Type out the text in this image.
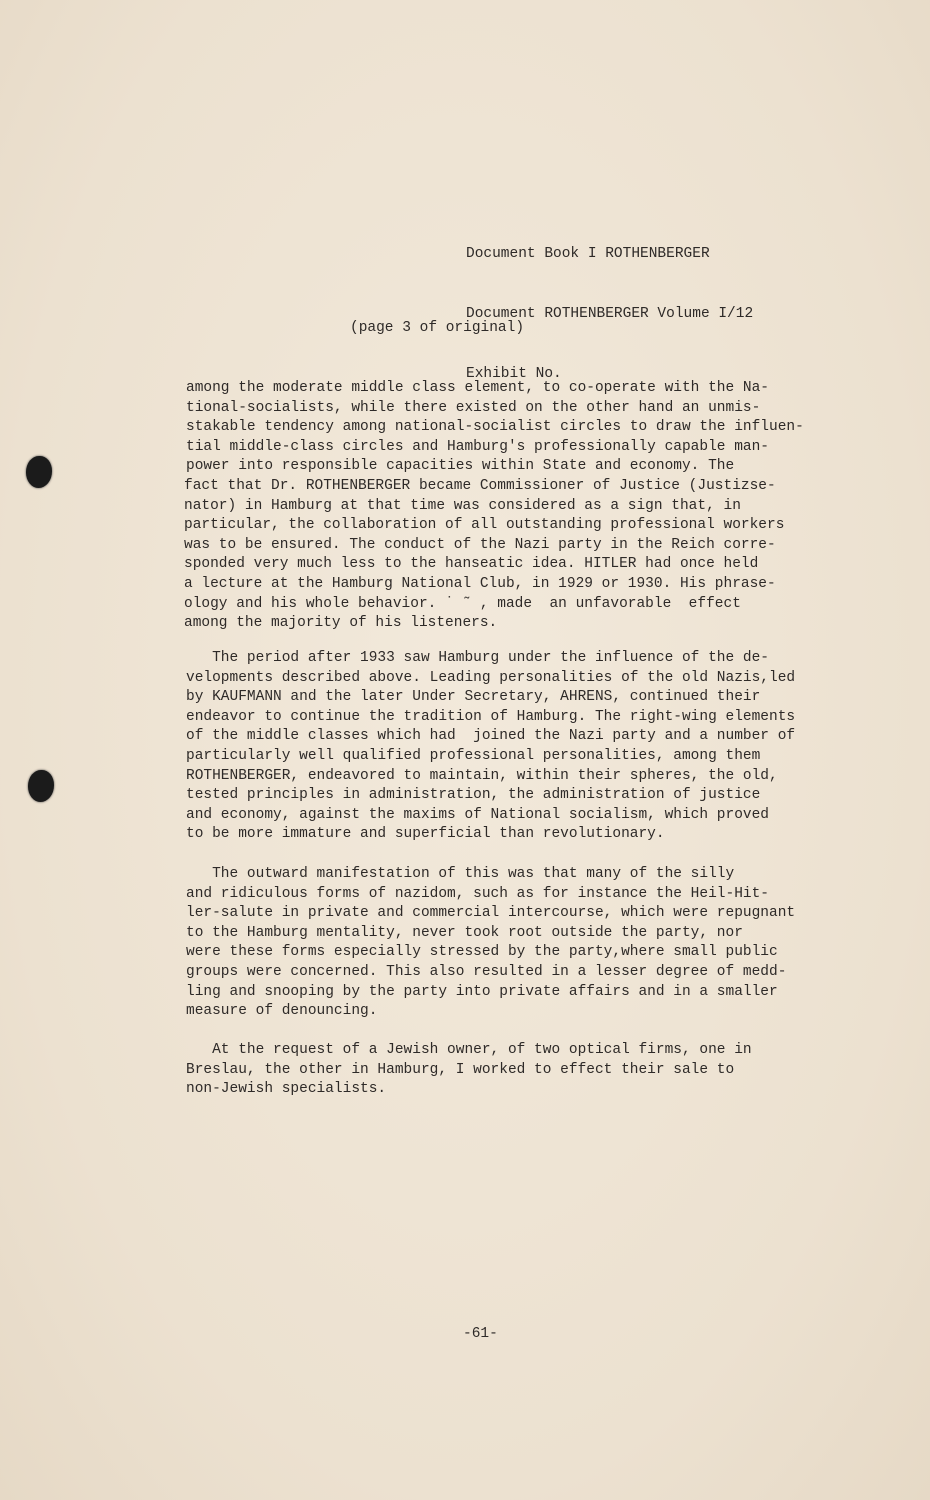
Document Book I ROTHENBERGER

Document ROTHENBERGER Volume I/12

Exhibit No.

(page 3 of original)
among the moderate middle class element, to co-operate with the Na-
tional-socialists, while there existed on the other hand an unmis-
stakable tendency among national-socialist circles to draw the influen-
tial middle-class circles and Hamburg's professionally capable man-
power into responsible capacities within State and economy. The
fact that Dr. ROTHENBERGER became Commissioner of Justice (Justizse-
nator) in Hamburg at that time was considered as a sign that, in
particular, the collaboration of all outstanding professional workers
was to be ensured. The conduct of the Nazi party in the Reich corre-
sponded very much less to the hanseatic idea. HITLER had once held
a lecture at the Hamburg National Club, in 1929 or 1930. His phrase-
ology and his whole behavior. ˙ ˜ , made  an unfavorable  effect
among the majority of his listeners.
The period after 1933 saw Hamburg under the influence of the de-
velopments described above. Leading personalities of the old Nazis,led
by KAUFMANN and the later Under Secretary, AHRENS, continued their
endeavor to continue the tradition of Hamburg. The right-wing elements
of the middle classes which had  joined the Nazi party and a number of
particularly well qualified professional personalities, among them
ROTHENBERGER, endeavored to maintain, within their spheres, the old,
tested principles in administration, the administration of justice
and economy, against the maxims of National socialism, which proved
to be more immature and superficial than revolutionary.
The outward manifestation of this was that many of the silly
and ridiculous forms of nazidom, such as for instance the Heil-Hit-
ler-salute in private and commercial intercourse, which were repugnant
to the Hamburg mentality, never took root outside the party, nor
were these forms especially stressed by the party,where small public
groups were concerned. This also resulted in a lesser degree of medd-
ling and snooping by the party into private affairs and in a smaller
measure of denouncing.
At the request of a Jewish owner, of two optical firms, one in
Breslau, the other in Hamburg, I worked to effect their sale to
non-Jewish specialists.
-61-
